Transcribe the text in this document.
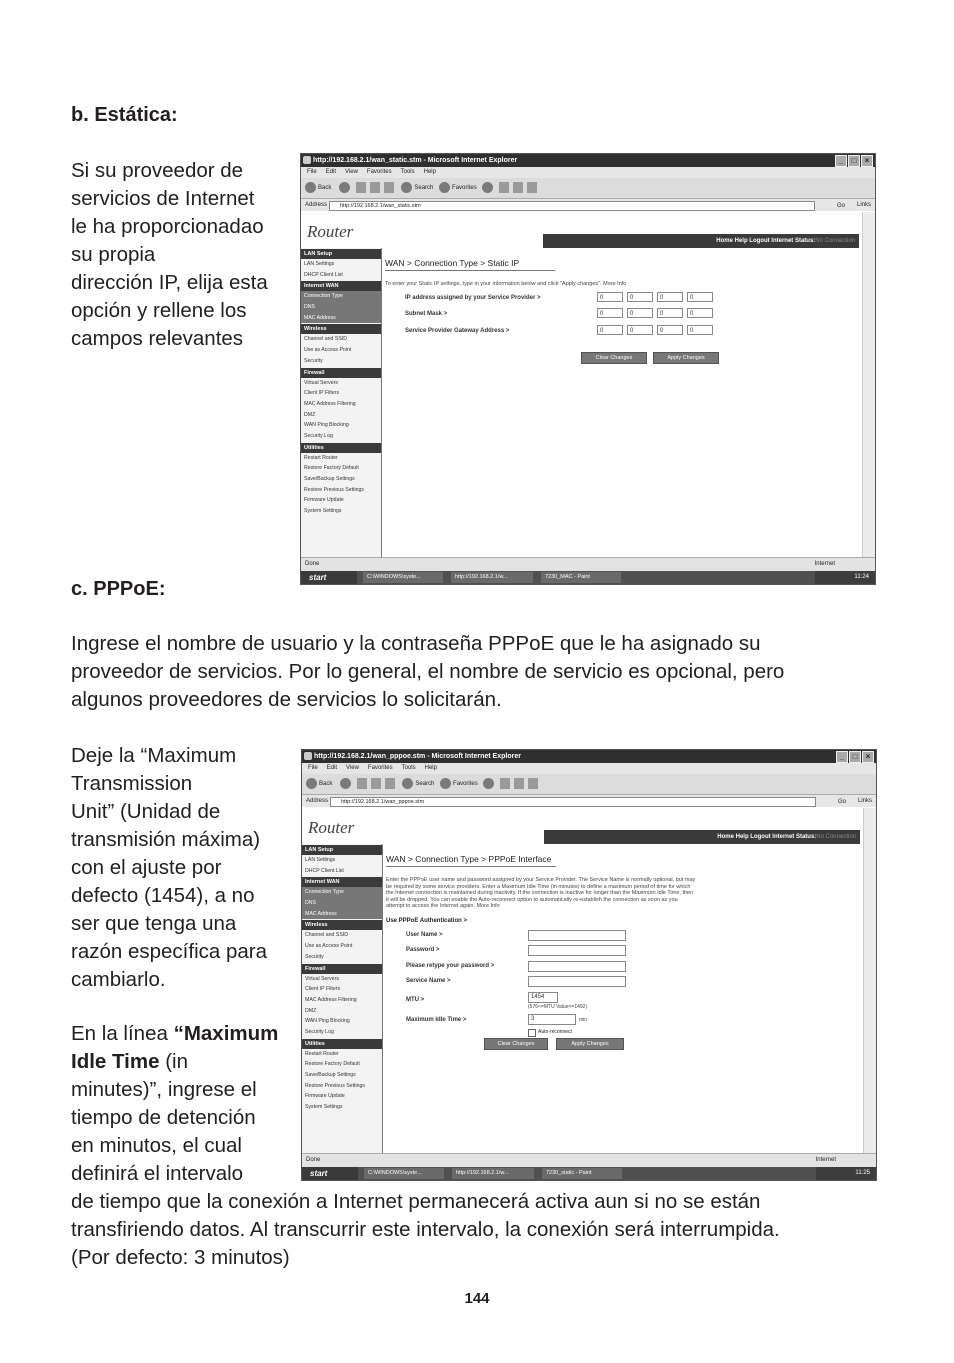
b. Estática:

Si su proveedor de
servicios de Internet
le ha proporcionadao
su propia
dirección IP, elija esta
opción y rellene los
campos relevantes

c. PPPoE:

Ingrese el nombre de usuario y la contraseña PPPoE que le ha asignado su
proveedor de servicios. Por lo general, el nombre de servicio es opcional, pero
algunos proveedores de servicios lo solicitarán.

Deje la “Maximum
Transmission
Unit” (Unidad de
transmisión máxima)
con el ajuste por
defecto (1454), a no
ser que tenga una
razón específica para
cambiarlo.

En la línea “Maximum
Idle Time (in
minutes)”, ingrese el
tiempo de detención
en minutos, el cual
definirá el intervalo

de tiempo que la conexión a Internet permanecerá activa aun si no se están
transfiriendo datos. Al transcurrir este intervalo, la conexión será interrumpida.
(Por defecto: 3 minutos)

144
http://192.168.2.1/wan_static.stm - Microsoft Internet Explorer	_ □ ×
File Edit View Favorites Tools Help
Back	Search	Favorites
Address	http://192.168.2.1/wan_static.stm	Go Links
Router	Home Help Logout Internet Status:No Connection
LAN Setup
LAN Settings
DHCP Client List
Internet WAN
Connection Type
DNS
MAC Address
Wireless
Channel and SSID
Use as Access Point
Security
Firewall
Virtual Servers
Client IP Filters
MAC Address Filtering
DMZ
WAN Ping Blocking
Security Log
Utilities
Restart Router
Restore Factory Default
Save/Backup Settings
Restore Previous Settings
Firmware Update
System Settings
WAN > Connection Type > Static IP
To enter your Static IP settings, type in your information below and click "Apply changes". More Info
IP address assigned by your Service Provider >	0	0	0	0
Subnet Mask >	0	0	0	0
Service Provider Gateway Address >	0	0	0	0
Clear Changes	Apply Changes
Done	Internet
start	C:\WINDOWS\syste...	http://192.168.2.1/w...	7230_MAC - Paint	11:24
http://192.168.2.1/wan_pppoe.stm - Microsoft Internet Explorer	_ □ ×
File Edit View Favorites Tools Help
Back	Search	Favorites
Address	http://192.168.2.1/wan_pppoe.stm	Go Links
Router	Home Help Logout Internet Status:No Connection
LAN Setup
LAN Settings
DHCP Client List
Internet WAN
Connection Type
DNS
MAC Address
Wireless
Channel and SSID
Use as Access Point
Security
Firewall
Virtual Servers
Client IP Filters
MAC Address Filtering
DMZ
WAN Ping Blocking
Security Log
Utilities
Restart Router
Restore Factory Default
Save/Backup Settings
Restore Previous Settings
Firmware Update
System Settings
WAN > Connection Type > PPPoE Interface
Enter the PPPoE user name and password assigned by your Service Provider. The Service Name is normally optional, but may be required by some service providers. Enter a Maximum Idle Time (in minutes) to define a maximum period of time for which the Internet connection is maintained during inactivity. If the connection is inactive for longer than the Maximum Idle Time, then it will be dropped. You can enable the Auto-reconnect option to automatically re-establish the connection as soon as you attempt to access the Internet again. More Info
Use PPPoE Authentication >
User Name >
Password >
Please retype your password >
Service Name >
MTU >	1454
(576<=MTU Value<=1492)
Maximum Idle Time >	3	min
Auto-reconnect
Clear Changes	Apply Changes
Done	Internet
start	C:\WINDOWS\syste...	http://192.168.2.1/w...	7230_static - Paint	11:25
